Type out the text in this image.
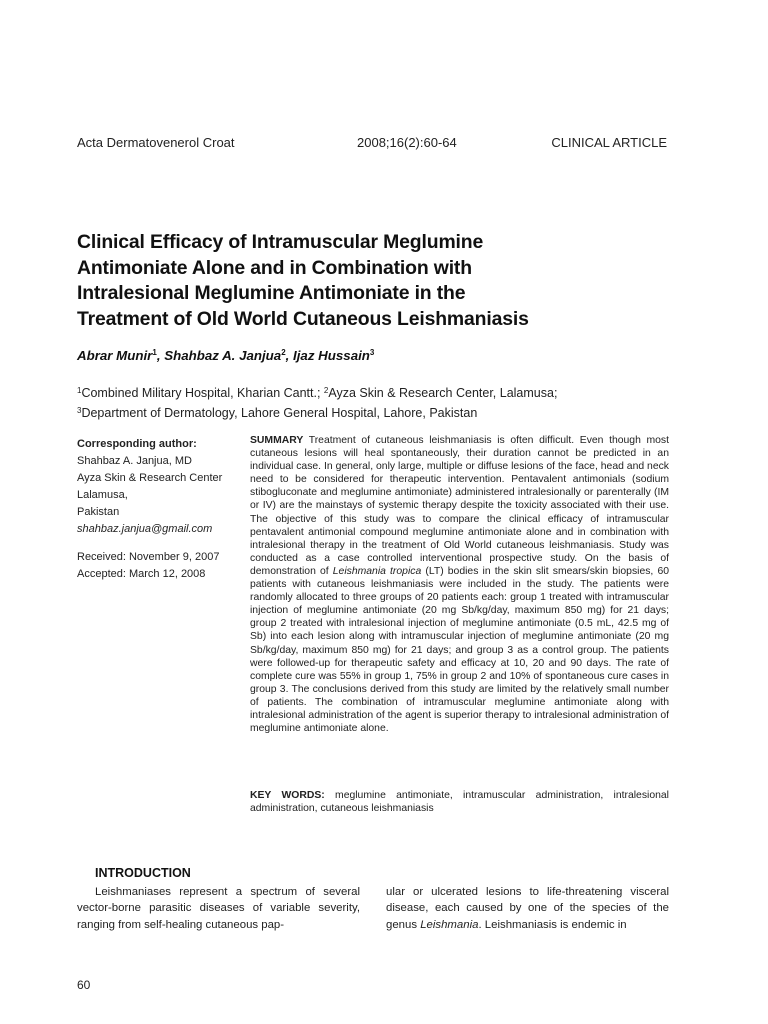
Acta Dermatovenerol Croat	2008;16(2):60-64	CLINICAL ARTICLE
Clinical Efficacy of Intramuscular Meglumine
Antimoniate Alone and in Combination with
Intralesional Meglumine Antimoniate in the
Treatment of Old World Cutaneous Leishmaniasis
Abrar Munir$^1$, Shahbaz A. Janjua$^2$, Ijaz Hussain$^3$
$^1$Combined Military Hospital, Kharian Cantt.; $^2$Ayza Skin & Research Center, Lalamusa;
$^3$Department of Dermatology, Lahore General Hospital, Lahore, Pakistan
Corresponding author:
Shahbaz A. Janjua, MD
Ayza Skin & Research Center
Lalamusa,
Pakistan
shahbaz.janjua@gmail.com
Received: November 9, 2007
Accepted: March 12, 2008
SUMMARY Treatment of cutaneous leishmaniasis is often difficult. Even though most cutaneous lesions will heal spontaneously, their duration cannot be predicted in an individual case. In general, only large, multiple or diffuse lesions of the face, head and neck need to be considered for therapeutic intervention. Pentavalent antimonials (sodium stibogluconate and meglumine antimoniate) administered intralesionally or parenterally (IM or IV) are the mainstays of systemic therapy despite the toxicity associated with their use. The objective of this study was to compare the clinical efficacy of intramuscular pentavalent antimonial compound meglumine antimoniate alone and in combination with intralesional therapy in the treatment of Old World cutaneous leishmaniasis. Study was conducted as a case controlled interventional prospective study. On the basis of demonstration of Leishmania tropica (LT) bodies in the skin slit smears/skin biopsies, 60 patients with cutaneous leishmaniasis were included in the study. The patients were randomly allocated to three groups of 20 patients each: group 1 treated with intramuscular injection of meglumine antimoniate (20 mg Sb/kg/day, maximum 850 mg) for 21 days; group 2 treated with intralesional injection of meglumine antimoniate (0.5 mL, 42.5 mg of Sb) into each lesion along with intramuscular injection of meglumine antimoniate (20 mg Sb/kg/day, maximum 850 mg) for 21 days; and group 3 as a control group. The patients were followed-up for therapeutic safety and efficacy at 10, 20 and 90 days. The rate of complete cure was 55% in group 1, 75% in group 2 and 10% of spontaneous cure cases in group 3. The conclusions derived from this study are limited by the relatively small number of patients. The combination of intramuscular meglumine antimoniate along with intralesional administration of the agent is superior therapy to intralesional administration of meglumine antimoniate alone.
KEY WORDS: meglumine antimoniate, intramuscular administration, intralesional administration, cutaneous leishmaniasis
INTRODUCTION
Leishmaniases represent a spectrum of several vector-borne parasitic diseases of variable severity, ranging from self-healing cutaneous pap-
ular or ulcerated lesions to life-threatening visceral disease, each caused by one of the species of the genus Leishmania. Leishmaniasis is endemic in
60
